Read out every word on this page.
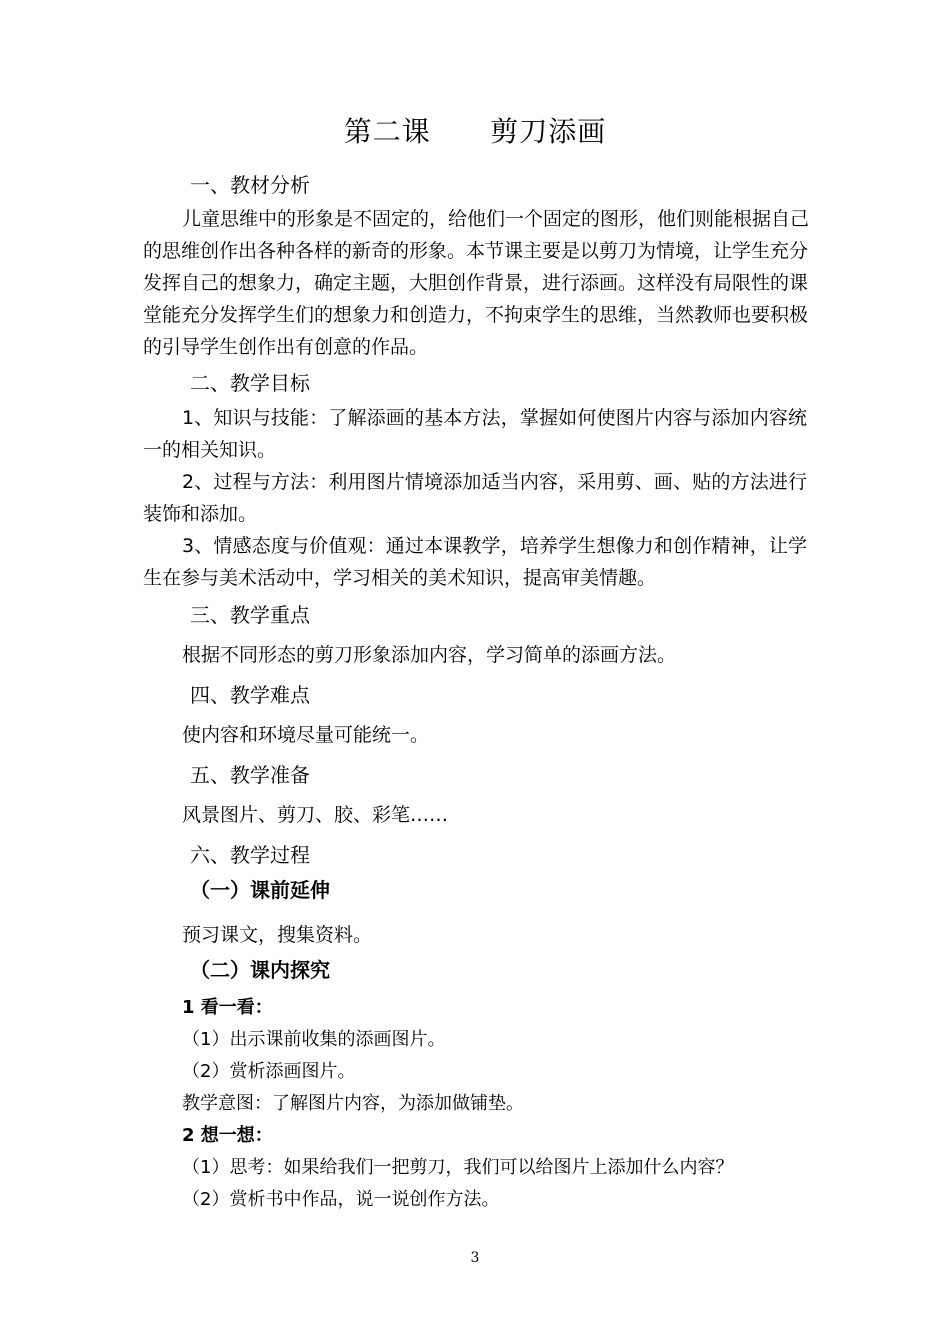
第二课      剪刀添画
一、教材分析
儿童思维中的形象是不固定的，给他们一个固定的图形，他们则能根据自己
的思维创作出各种各样的新奇的形象。本节课主要是以剪刀为情境，让学生充分
发挥自己的想象力，确定主题，大胆创作背景，进行添画。这样没有局限性的课
堂能充分发挥学生们的想象力和创造力，不拘束学生的思维，当然教师也要积极
的引导学生创作出有创意的作品。
二、教学目标
1、知识与技能：了解添画的基本方法，掌握如何使图片内容与添加内容统
一的相关知识。
2、过程与方法：利用图片情境添加适当内容，采用剪、画、贴的方法进行
装饰和添加。
3、情感态度与价值观：通过本课教学，培养学生想像力和创作精神，让学
生在参与美术活动中，学习相关的美术知识，提高审美情趣。
三、教学重点
根据不同形态的剪刀形象添加内容，学习简单的添画方法。
四、教学难点
使内容和环境尽量可能统一。
五、教学准备
风景图片、剪刀、胶、彩笔……
六、教学过程
（一）课前延伸
预习课文，搜集资料。
（二）课内探究
1 看一看：
（1）出示课前收集的添画图片。
（2）赏析添画图片。
教学意图：了解图片内容，为添加做铺垫。
2 想一想：
（1）思考：如果给我们一把剪刀，我们可以给图片上添加什么内容？
（2）赏析书中作品，说一说创作方法。
3
